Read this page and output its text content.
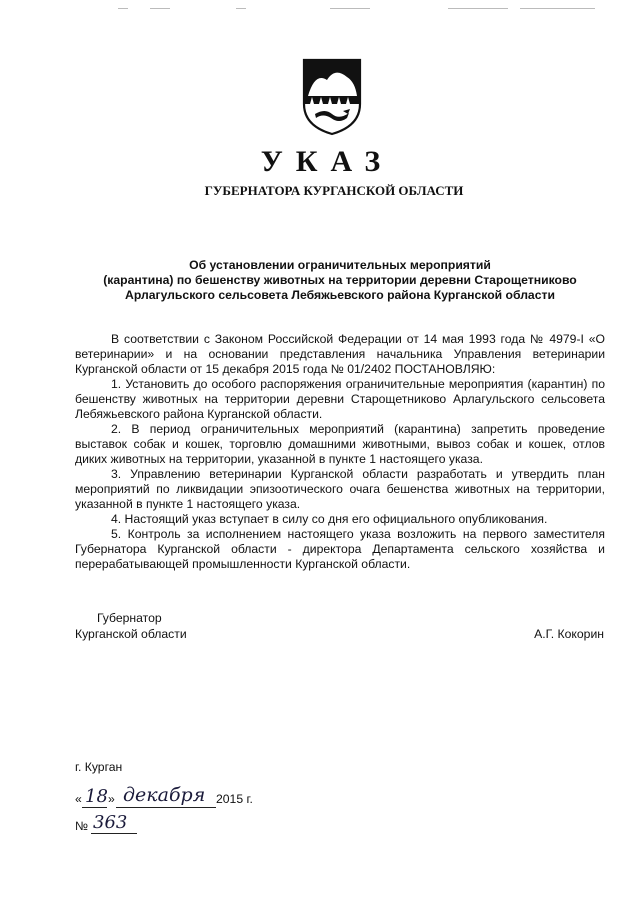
УКАЗ
ГУБЕРНАТОРА КУРГАНСКОЙ ОБЛАСТИ
Об установлении ограничительных мероприятий
(карантина) по бешенству животных на территории деревни Старощетниково
Арлагульского сельсовета Лебяжьевского района Курганской области
В соответствии с Законом Российской Федерации от 14 мая 1993 года № 4979-I «О ветеринарии» и на основании представления начальника Управления ветеринарии Курганской области от 15 декабря 2015 года № 01/2402 ПОСТАНОВЛЯЮ:
1. Установить до особого распоряжения ограничительные мероприятия (карантин) по бешенству животных на территории деревни Старощетниково Арлагульского сельсовета Лебяжьевского района Курганской области.
2. В период ограничительных мероприятий (карантина) запретить проведение выставок собак и кошек, торговлю домашними животными, вывоз собак и кошек, отлов диких животных на территории, указанной в пункте 1 настоящего указа.
3. Управлению ветеринарии Курганской области разработать и утвердить план мероприятий по ликвидации эпизоотического очага бешенства животных на территории, указанной в пункте 1 настоящего указа.
4. Настоящий указ вступает в силу со дня его официального опубликования.
5. Контроль за исполнением настоящего указа возложить на первого заместителя Губернатора Курганской области - директора Департамента сельского хозяйства и перерабатывающей промышленности Курганской области.
Губернатор
Курганской области	А.Г. Кокорин
г. Курган
« 18 » декабря 2015 г.
№ 363
